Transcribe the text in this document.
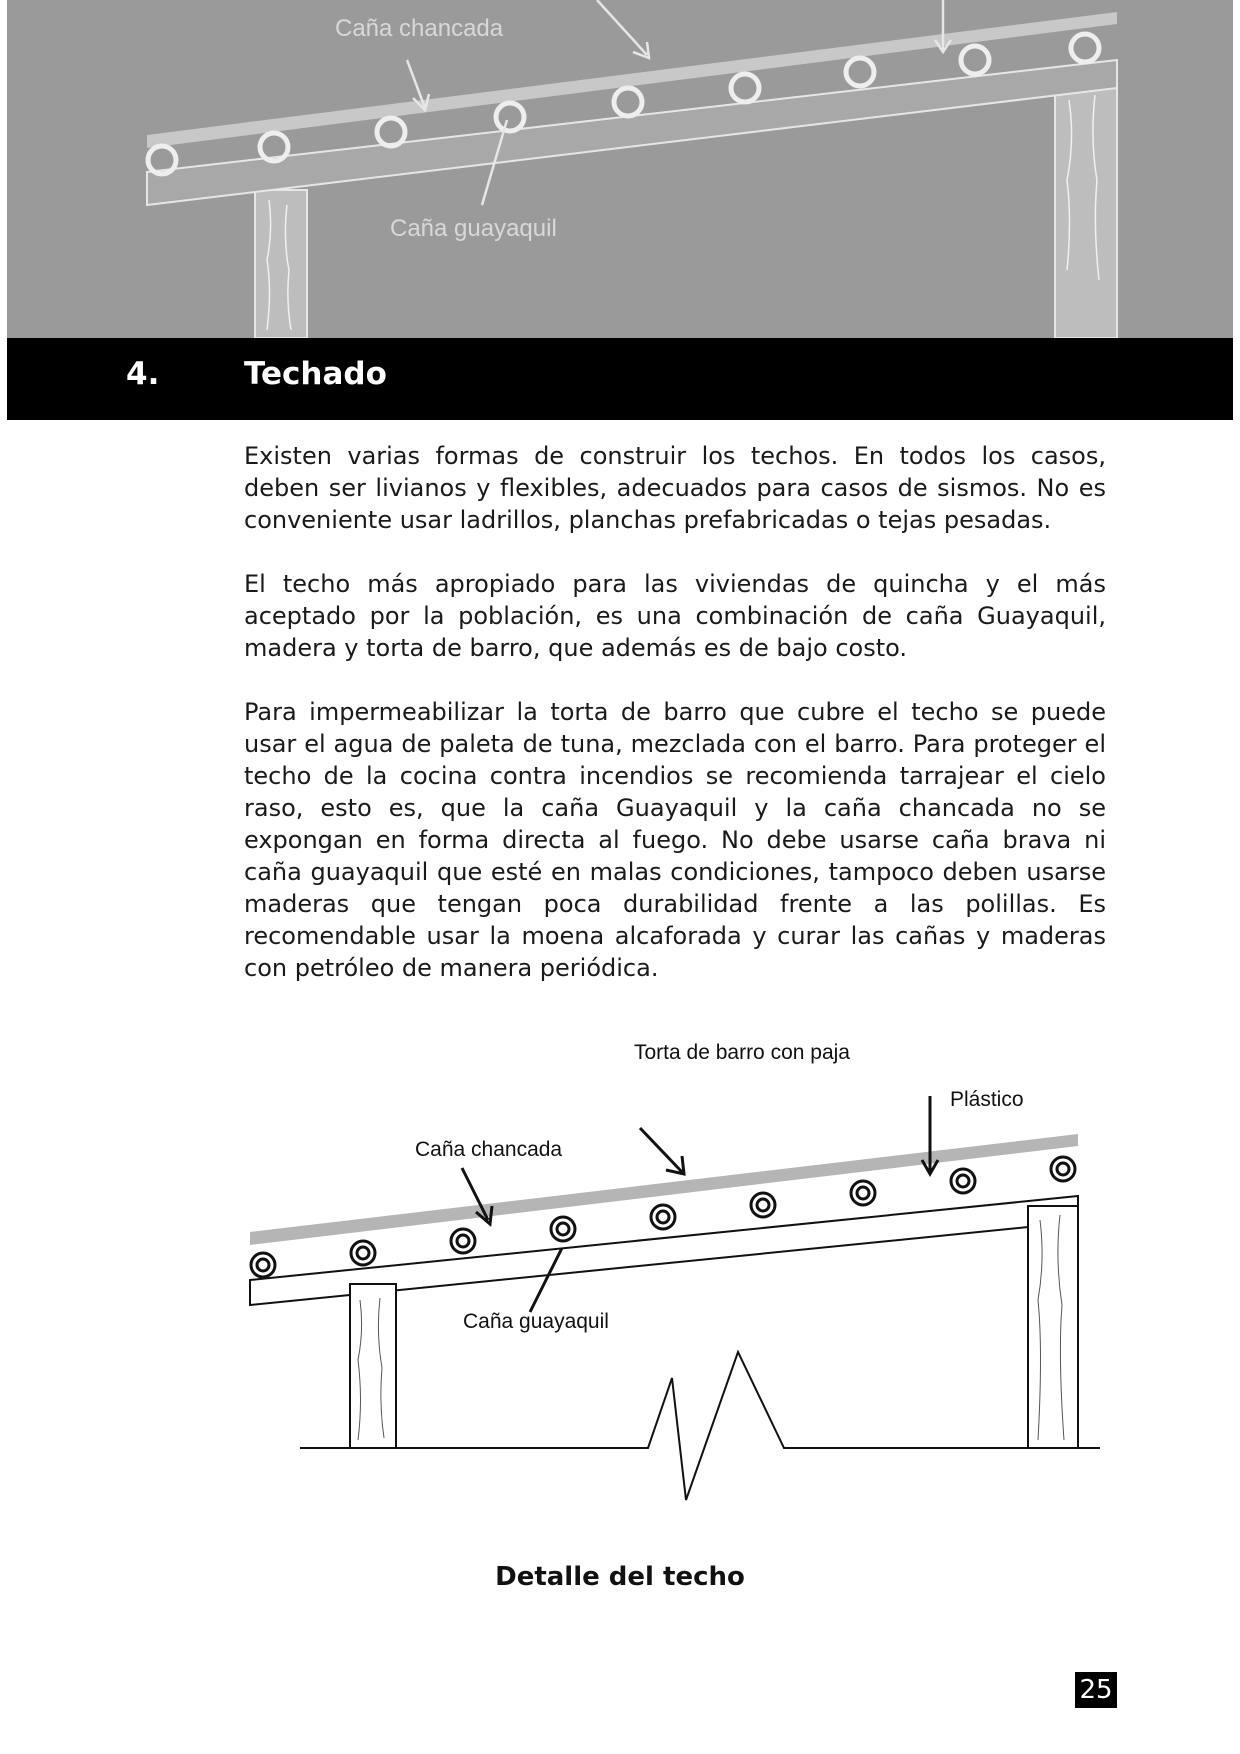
Caña chancada
Caña guayaquil
4.	Techado

Existen varias formas de construir los techos. En todos los casos, deben ser livianos y flexibles, adecuados para casos de sismos. No es conveniente usar ladrillos, planchas prefabricadas o tejas pesadas.

El techo más apropiado para las viviendas de quincha y el más aceptado por la población, es una combinación de caña Guayaquil, madera y torta de barro, que además es de bajo costo.

Para impermeabilizar la torta de barro que cubre el techo se puede usar el agua de paleta de tuna, mezclada con el barro. Para proteger el techo de la cocina contra incendios se recomienda tarrajear el cielo raso, esto es, que la caña Guayaquil y la caña chancada no se expongan en forma directa al fuego. No debe usarse caña brava ni caña guayaquil que esté en malas condiciones, tampoco deben usarse maderas que tengan poca durabilidad frente a las polillas. Es recomendable usar la moena alcaforada y curar las cañas y maderas con petróleo de manera periódica.

Torta de barro con paja
Plástico
Caña chancada
Caña guayaquil
Detalle del techo
25
